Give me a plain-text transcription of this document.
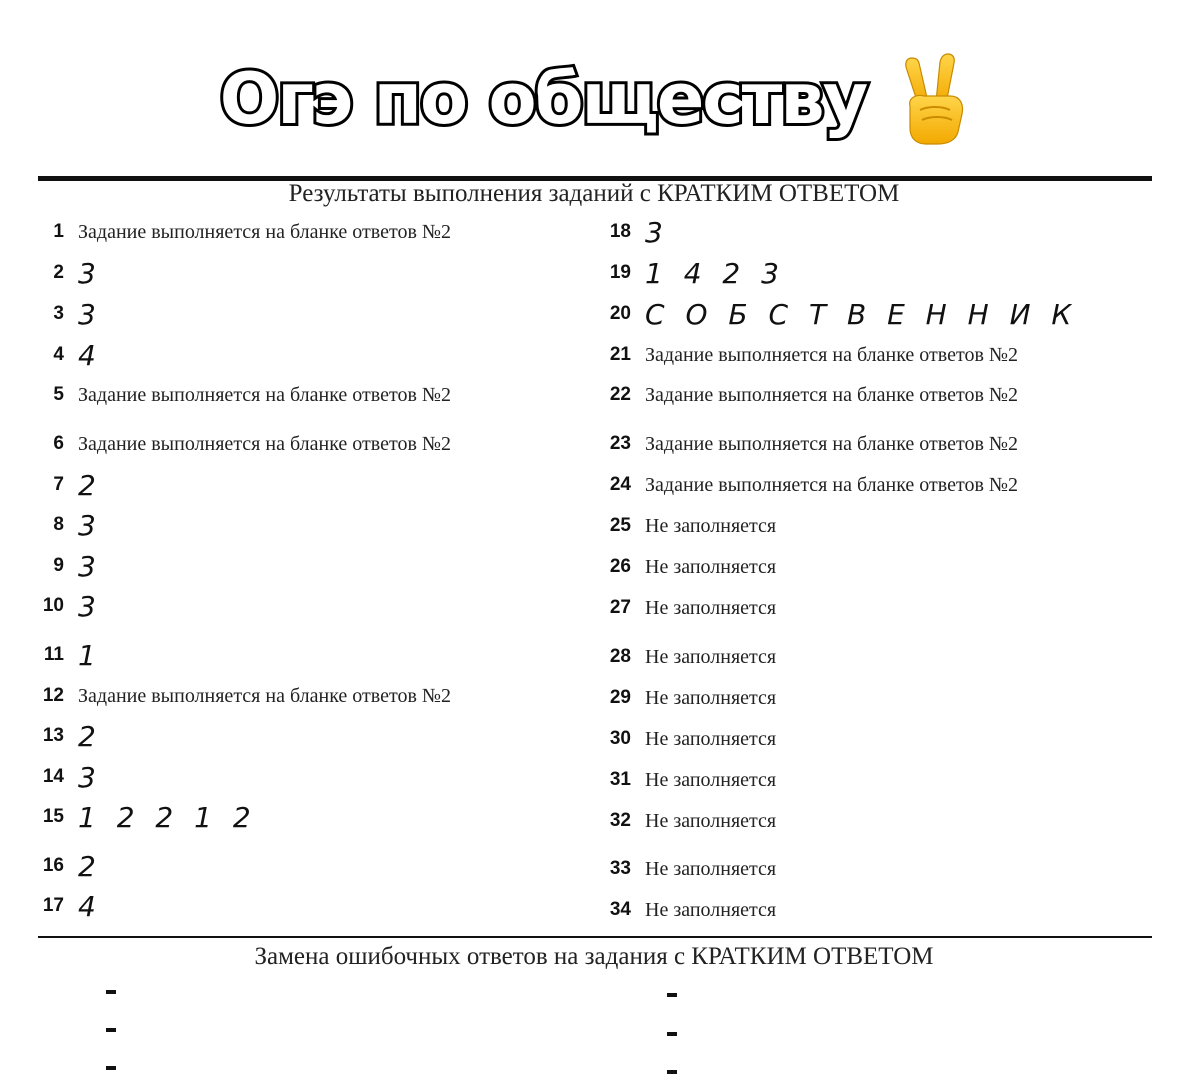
Огэ по обществу
Результаты выполнения заданий с КРАТКИМ ОТВЕТОМ
1 Задание выполняется на бланке ответов №2
2 3
3 3
4 4
5 Задание выполняется на бланке ответов №2
6 Задание выполняется на бланке ответов №2
7 2
8 3
9 3
10 3
11 1
12 Задание выполняется на бланке ответов №2
13 2
14 3
15 1 2 2 1 2
16 2
17 4
18 3
19 1 4 2 3
20 С О Б С Т В Е Н Н И К
21 Задание выполняется на бланке ответов №2
22 Задание выполняется на бланке ответов №2
23 Задание выполняется на бланке ответов №2
24 Задание выполняется на бланке ответов №2
25 Не заполняется
26 Не заполняется
27 Не заполняется
28 Не заполняется
29 Не заполняется
30 Не заполняется
31 Не заполняется
32 Не заполняется
33 Не заполняется
34 Не заполняется
Замена ошибочных ответов на задания с КРАТКИМ ОТВЕТОМ
